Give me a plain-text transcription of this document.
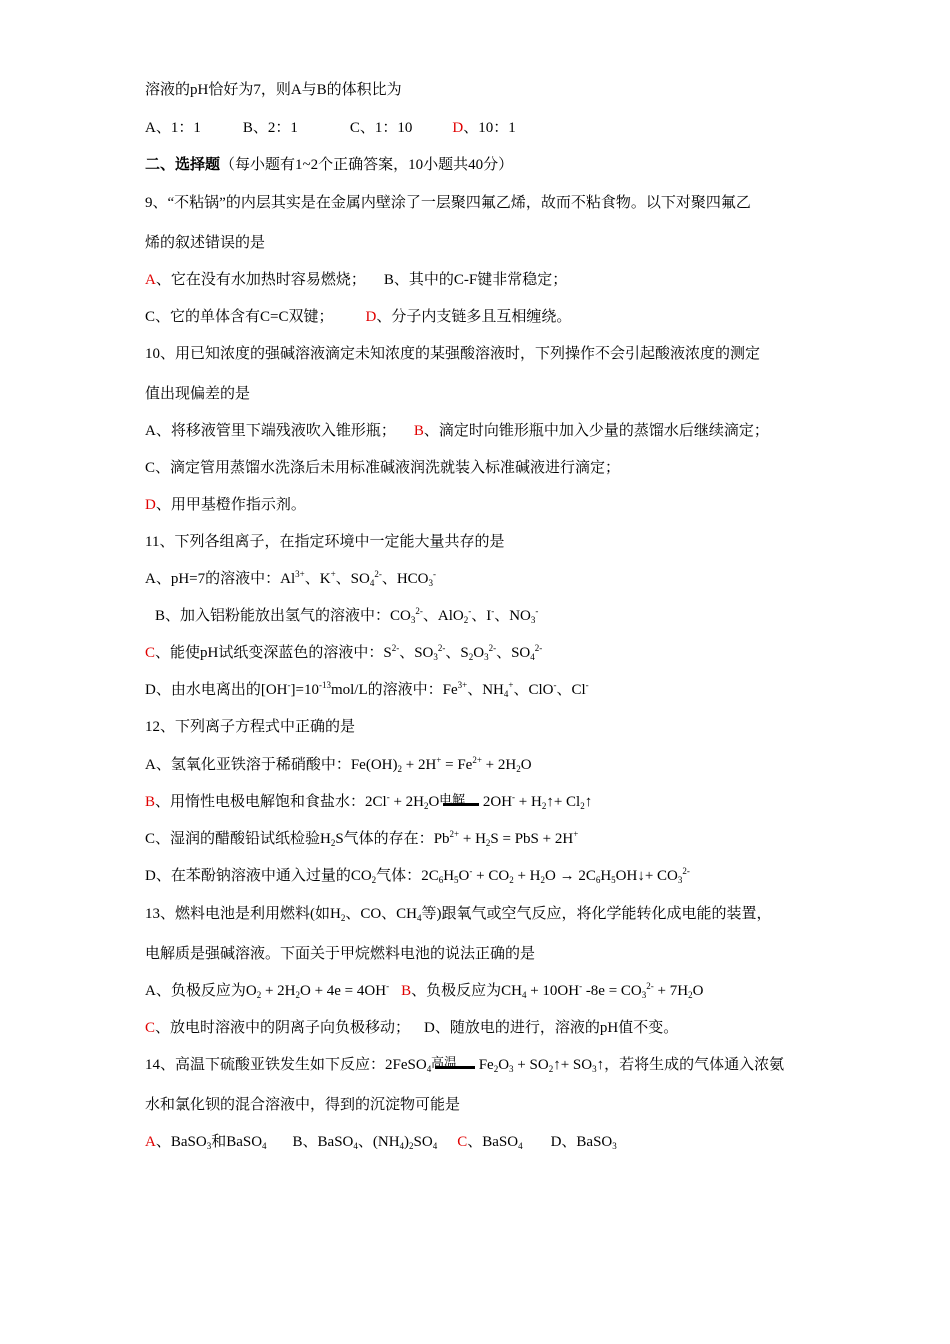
溶液的pH恰好为7，则A与B的体积比为
A、1：1	B、2：1	C、1：10	D、10：1
二、选择题（每小题有1~2个正确答案，10小题共40分）
9、“不粘锅”的内层其实是在金属内壁涂了一层聚四氟乙烯，故而不粘食物。以下对聚四氟乙
烯的叙述错误的是
A、它在没有水加热时容易燃烧； B、其中的C-F键非常稳定；
C、它的单体含有C=C双键； D、分子内支链多且互相缠绕。
10、用已知浓度的强碱溶液滴定未知浓度的某强酸溶液时，下列操作不会引起酸液浓度的测定
值出现偏差的是
A、将移液管里下端残液吹入锥形瓶； B、滴定时向锥形瓶中加入少量的蒸馏水后继续滴定；
C、滴定管用蒸馏水洗涤后未用标准碱液润洗就装入标准碱液进行滴定；
D、用甲基橙作指示剂。
11、下列各组离子，在指定环境中一定能大量共存的是
A、pH=7的溶液中：$Al^{3+}$、K+、$SO_4^{2-}$、$HCO_3^-$
B、加入铝粉能放出氢气的溶液中：$CO_3^{2-}$、AlO$_2$-、I-、$NO_3^-$
C、能使pH试纸变深蓝色的溶液中：$S^{2-}$、$SO_3^{2-}$、$S_2O_3^{2-}$、$SO_4^{2-}$
D、由水电离出的$[OH^-]=10^{-13}mol/L$的溶液中：$Fe^{3+}$、$NH_4^+$、ClO-、Cl-
12、下列离子方程式中正确的是
A、氢氧化亚铁溶于稀硝酸中：$Fe(OH)_2 + 2H^+ = Fe^{2+} + 2H_2O$
B、用惰性电极电解饱和食盐水：$2Cl^- + 2H_2O$
电解 $2OH^- + H_2↑+$ $Cl_2↑$
C、湿润的醋酸铅试纸检验$H_2S$气体的存在：$Pb^{2+} + H_2S$ = PbS + 2H+
D、在苯酚钠溶液中通入过量的$CO_2$气体：$2C_6H_5O^- + CO_2 + H_2O$ → $2C_6H_5OH↓+ CO_3^{2-}$
13、燃料电池是利用燃料(如$H_2$、CO、$CH_4$等)跟氧气或空气反应，将化学能转化成电能的装置，
电解质是强碱溶液。下面关于甲烷燃料电池的说法正确的是
A、负极反应为$O_2 + 2H_2O + 4e = 4OH^-$ B、负极反应为$CH_4 + 10OH^-$ $-8e = CO_3^{2-} + 7H_2O$
C、放电时溶液中的阴离子向负极移动； D、随放电的进行，溶液的pH值不变。
14、高温下硫酸亚铁发生如下反应：2FeSO$_4$ 高温 $Fe_2O_3$ + $SO_2↑+$ $SO_3↑$，若将生成的气体通入浓氨
水和氯化钡的混合溶液中，得到的沉淀物可能是
A、BaSO$_3$和BaSO$_4$ B、BaSO$_4$、$(NH_4)_2SO_4$ C、BaSO$_4$ D、BaSO$_3$
